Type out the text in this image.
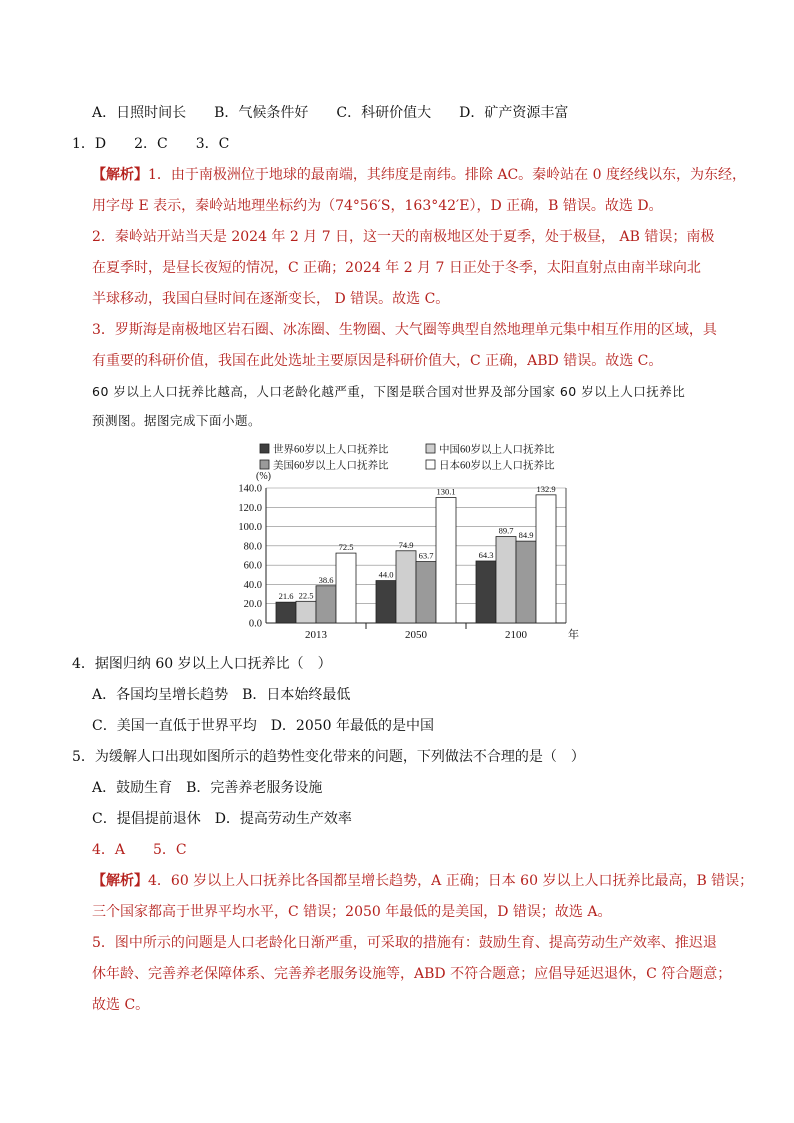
A．日照时间长　　B．气候条件好　　C．科研价值大　　D．矿产资源丰富
1．D　　2．C　　3．C
【解析】1．由于南极洲位于地球的最南端，其纬度是南纬。排除 AC。秦岭站在 0 度经线以东，为东经，
用字母 E 表示，秦岭站地理坐标约为（74°56′S，163°42′E），D 正确，B 错误。故选 D。
2．秦岭站开站当天是 2024 年 2 月 7 日，这一天的南极地区处于夏季，处于极昼， AB 错误；南极
在夏季时，是昼长夜短的情况，C 正确；2024 年 2 月 7 日正处于冬季，太阳直射点由南半球向北
半球移动，我国白昼时间在逐渐变长， D 错误。故选 C。
3．罗斯海是南极地区岩石圈、冰冻圈、生物圈、大气圈等典型自然地理单元集中相互作用的区域，具
有重要的科研价值，我国在此处选址主要原因是科研价值大，C 正确，ABD 错误。故选 C。
60 岁以上人口抚养比越高，人口老龄化越严重，下图是联合国对世界及部分国家 60 岁以上人口抚养比
预测图。据图完成下面小题。
世界60岁以上人口抚养比	中国60岁以上人口抚养比
美国60岁以上人口抚养比	日本60岁以上人口抚养比
(%)
0.0
20.0
40.0
60.0
80.0
100.0
120.0
140.0
2013	2050	2100	年
21.6 22.5
38.6
72.5
44.0
74.9
63.7
130.1
64.3
89.7 84.9
132.9
4．据图归纳 60 岁以上人口抚养比（　）
A．各国均呈增长趋势　B．日本始终最低
C．美国一直低于世界平均　D．2050 年最低的是中国
5．为缓解人口出现如图所示的趋势性变化带来的问题，下列做法不合理的是（　）
A．鼓励生育　B．完善养老服务设施
C．提倡提前退休　D．提高劳动生产效率
4．A　　5．C
【解析】4．60 岁以上人口抚养比各国都呈增长趋势，A 正确；日本 60 岁以上人口抚养比最高，B 错误；
三个国家都高于世界平均水平，C 错误；2050 年最低的是美国，D 错误；故选 A。
5．图中所示的问题是人口老龄化日渐严重，可采取的措施有：鼓励生育、提高劳动生产效率、推迟退
休年龄、完善养老保障体系、完善养老服务设施等，ABD 不符合题意；应倡导延迟退休，C 符合题意；
故选 C。
